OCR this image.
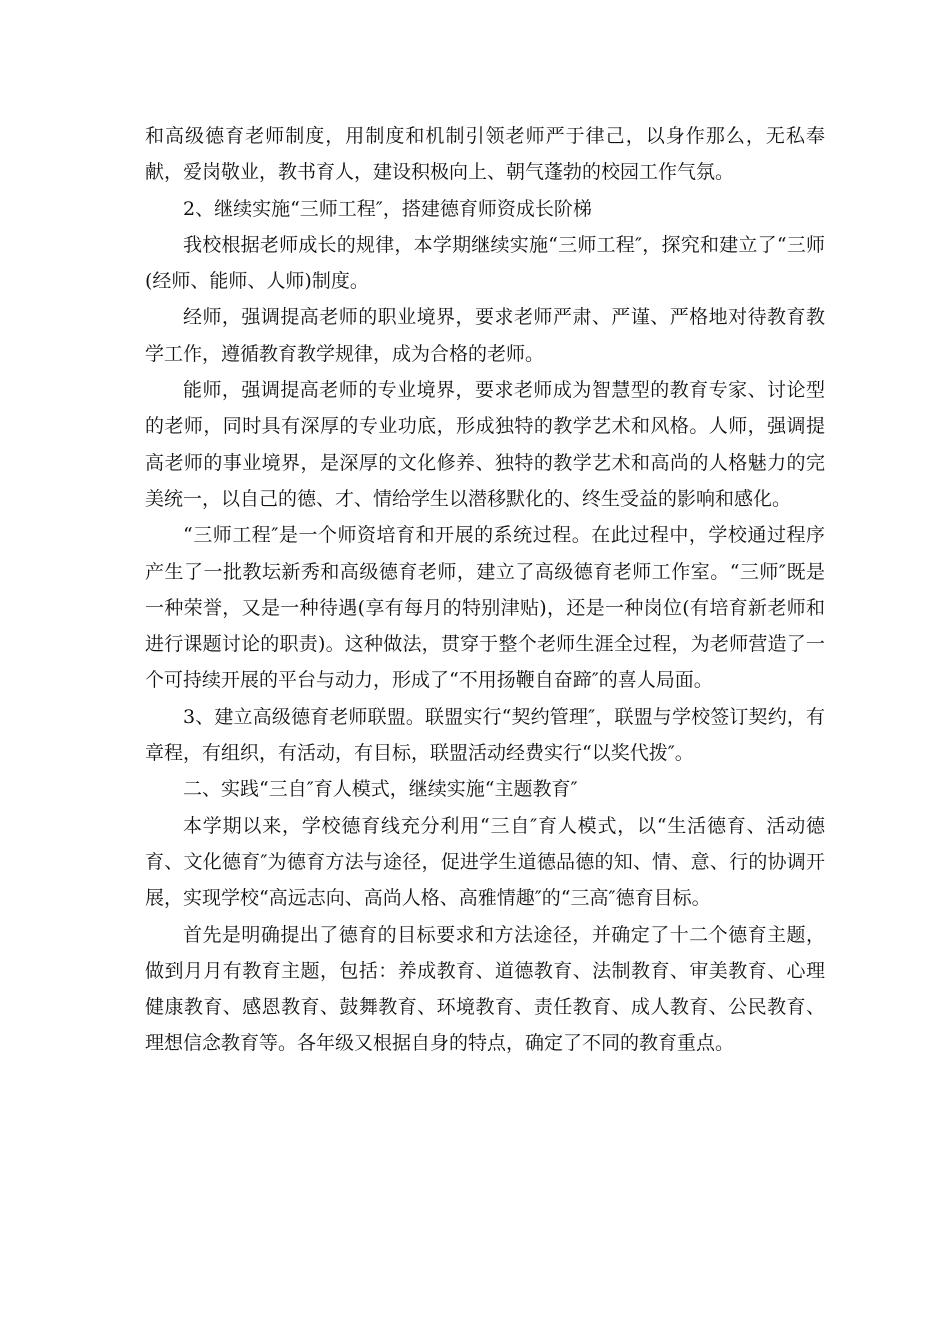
和高级德育老师制度，用制度和机制引领老师严于律己，以身作那么，无私奉献，爱岗敬业，教书育人，建设积极向上、朝气蓬勃的校园工作气氛。

2、继续实施“三师工程″，搭建德育师资成长阶梯

我校根据老师成长的规律，本学期继续实施“三师工程″，探究和建立了“三师(经师、能师、人师)制度。

经师，强调提高老师的职业境界，要求老师严肃、严谨、严格地对待教育教学工作，遵循教育教学规律，成为合格的老师。

能师，强调提高老师的专业境界，要求老师成为智慧型的教育专家、讨论型的老师，同时具有深厚的专业功底，形成独特的教学艺术和风格。人师，强调提高老师的事业境界，是深厚的文化修养、独特的教学艺术和高尚的人格魅力的完美统一，以自己的德、才、情给学生以潜移默化的、终生受益的影响和感化。

“三师工程″是一个师资培育和开展的系统过程。在此过程中，学校通过程序产生了一批教坛新秀和高级德育老师，建立了高级德育老师工作室。“三师″既是一种荣誉，又是一种待遇(享有每月的特别津贴)，还是一种岗位(有培育新老师和进行课题讨论的职责)。这种做法，贯穿于整个老师生涯全过程，为老师营造了一个可持续开展的平台与动力，形成了“不用扬鞭自奋蹄″的喜人局面。

3、建立高级德育老师联盟。联盟实行“契约管理″，联盟与学校签订契约，有章程，有组织，有活动，有目标，联盟活动经费实行“以奖代拨″。

二、实践“三自″育人模式，继续实施“主题教育″

本学期以来，学校德育线充分利用“三自″育人模式，以“生活德育、活动德育、文化德育″为德育方法与途径，促进学生道德品德的知、情、意、行的协调开展，实现学校“高远志向、高尚人格、高雅情趣″的“三高″德育目标。

首先是明确提出了德育的目标要求和方法途径，并确定了十二个德育主题，做到月月有教育主题，包括：养成教育、道德教育、法制教育、审美教育、心理健康教育、感恩教育、鼓舞教育、环境教育、责任教育、成人教育、公民教育、理想信念教育等。各年级又根据自身的特点，确定了不同的教育重点。
